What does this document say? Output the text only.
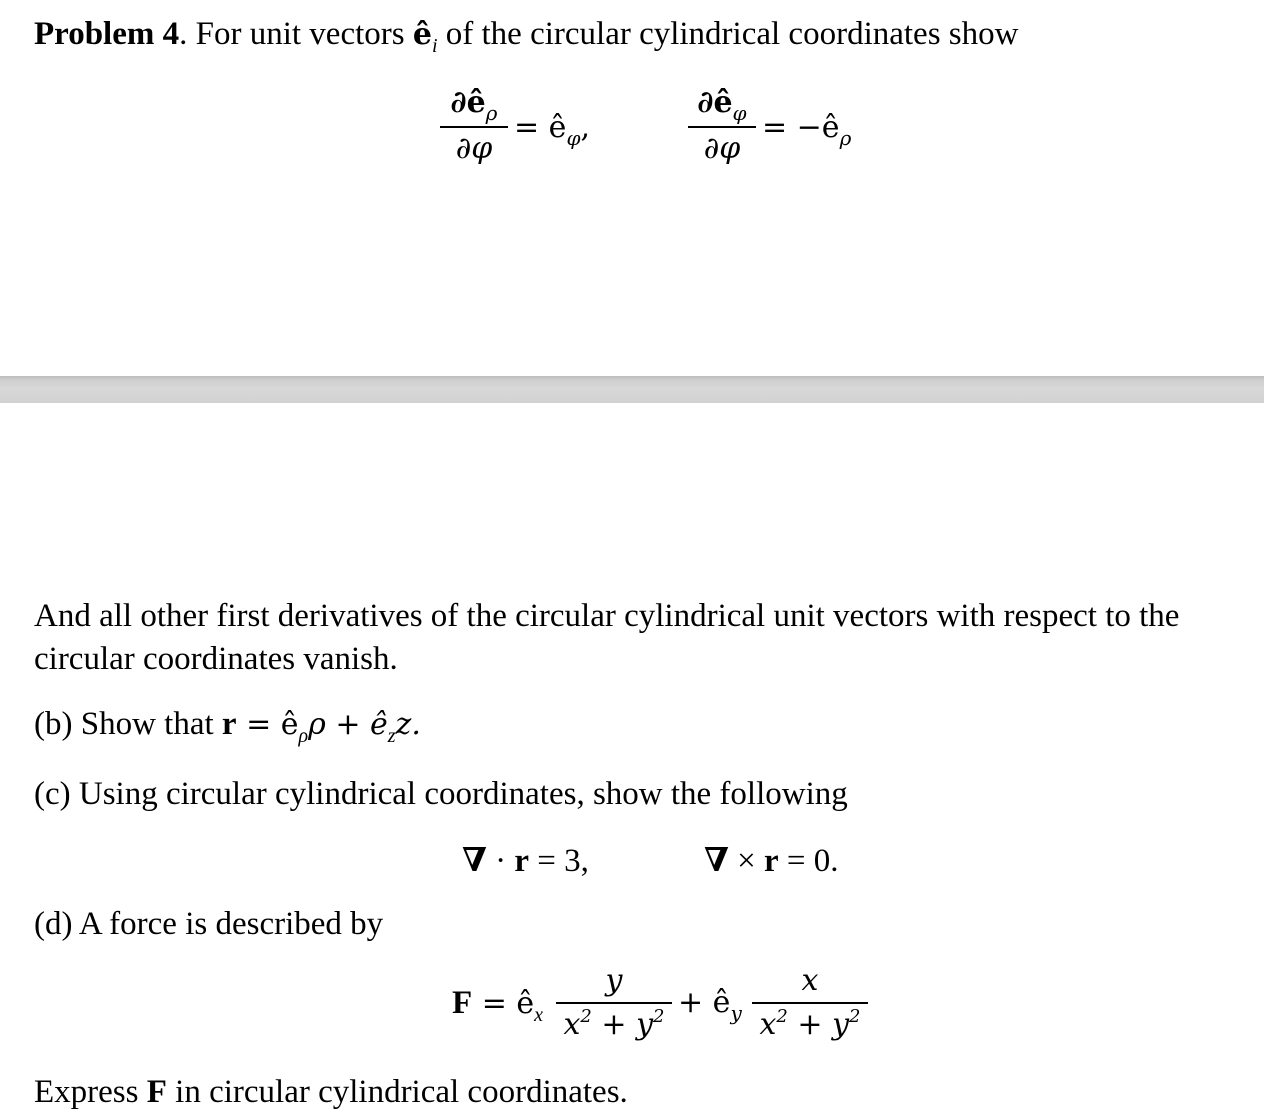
Problem 4. For unit vectors $ê_i$ of the circular cylindrical coordinates show
$\partial ê_\rho$
∂φ
= $ê_\varphi$,
$\partial ê_\varphi$
∂φ
= $-ê_\rho$
And all other first derivatives of the circular cylindrical unit vectors with respect to the
circular coordinates vanish.
(b) Show that $r = ê_\rho\rho$ + $ê_zz$.
(c) Using circular cylindrical coordinates, show the following
∇ · r = 3,	∇ × r = 0.
(d) A force is described by
$F = ê_x$
y
$x^2 + y^2$ + $ê_y$
x
$x^2 + y^2$
Express F in circular cylindrical coordinates.
